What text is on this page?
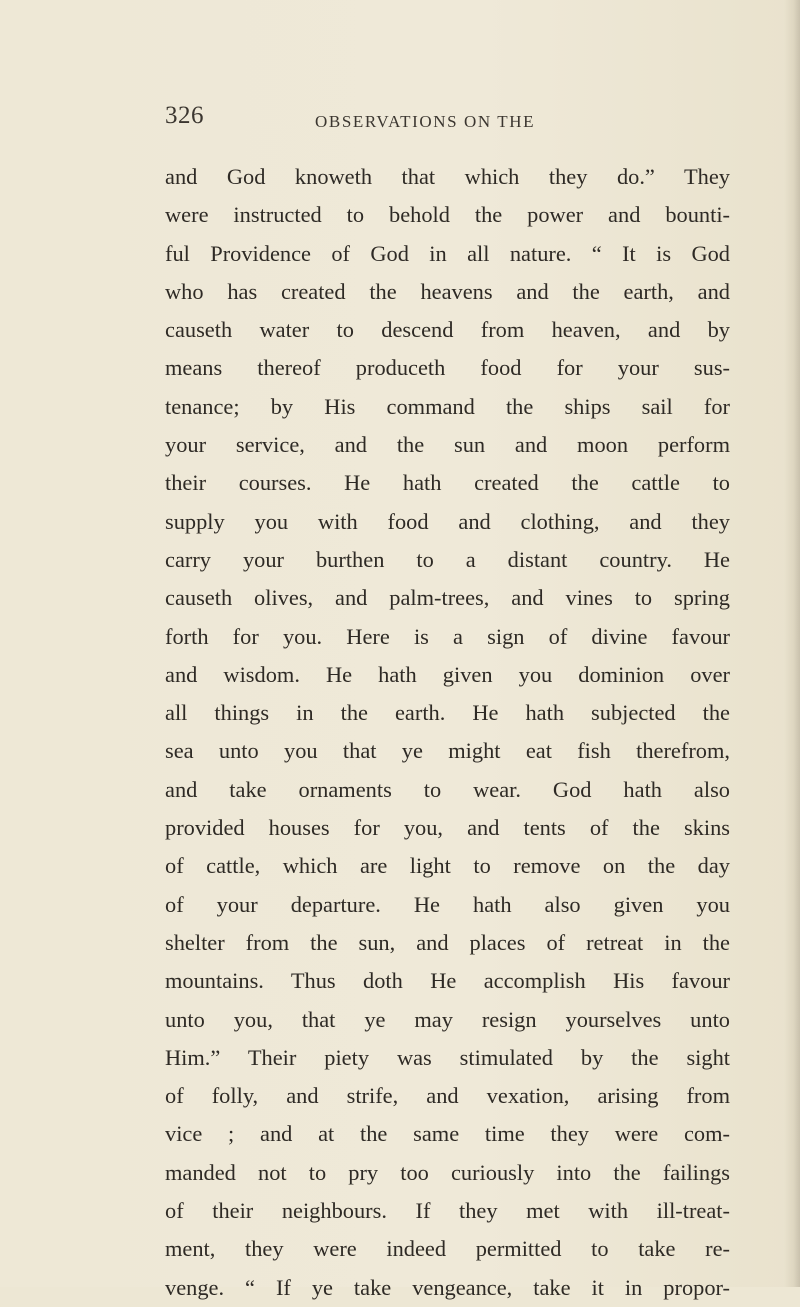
326	OBSERVATIONS ON THE
and God knoweth that which they do.” They
were instructed to behold the power and bounti-
ful Providence of God in all nature. “ It is God
who has created the heavens and the earth, and
causeth water to descend from heaven, and by
means thereof produceth food for your sus-
tenance; by His command the ships sail for
your service, and the sun and moon perform
their courses. He hath created the cattle to
supply you with food and clothing, and they
carry your burthen to a distant country. He
causeth olives, and palm-trees, and vines to spring
forth for you. Here is a sign of divine favour
and wisdom. He hath given you dominion over
all things in the earth. He hath subjected the
sea unto you that ye might eat fish therefrom,
and take ornaments to wear. God hath also
provided houses for you, and tents of the skins
of cattle, which are light to remove on the day
of your departure. He hath also given you
shelter from the sun, and places of retreat in the
mountains. Thus doth He accomplish His favour
unto you, that ye may resign yourselves unto
Him.” Their piety was stimulated by the sight
of folly, and strife, and vexation, arising from
vice ; and at the same time they were com-
manded not to pry too curiously into the failings
of their neighbours. If they met with ill-treat-
ment, they were indeed permitted to take re-
venge. “ If ye take vengeance, take it in propor-
